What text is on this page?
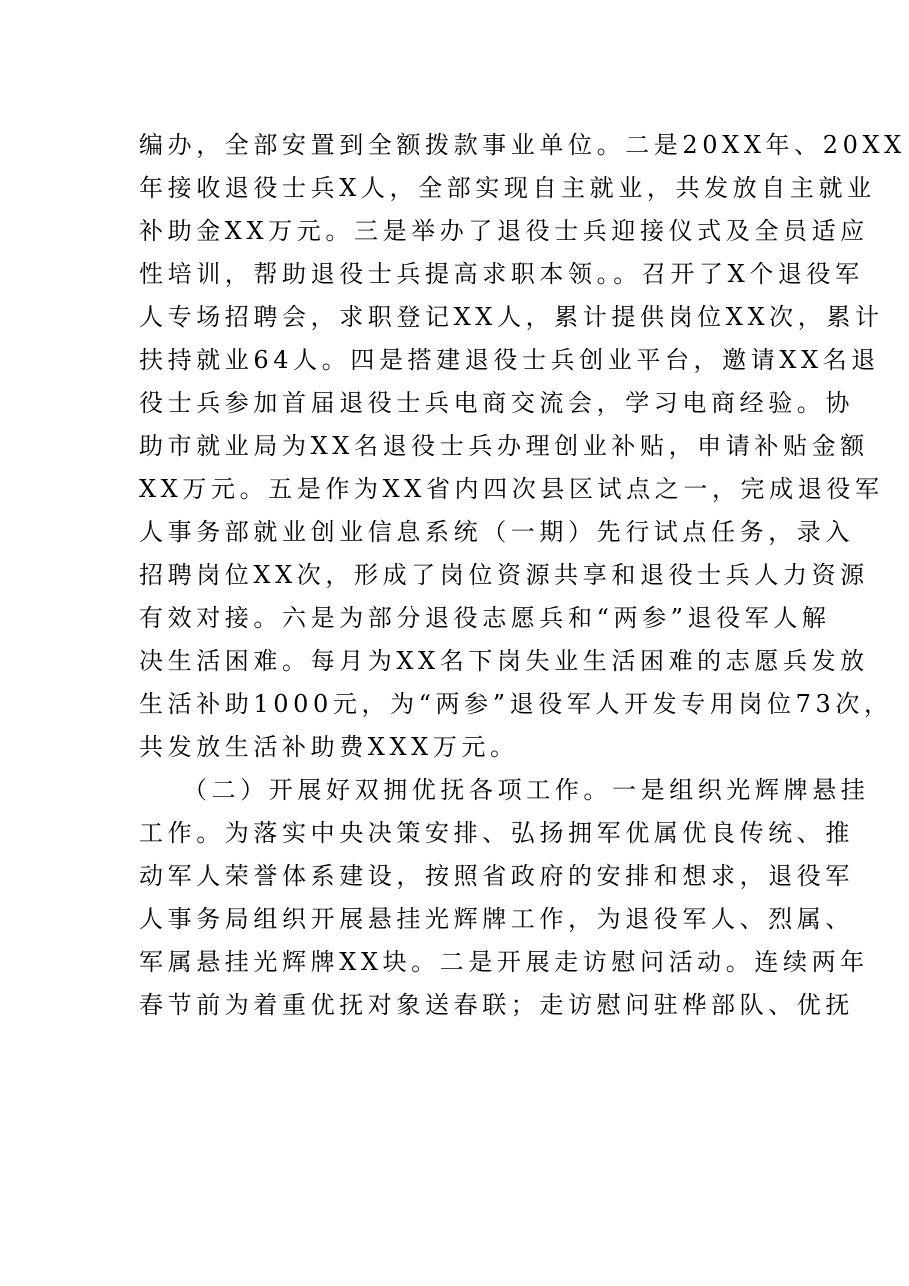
编办，全部安置到全额拨款事业单位。二是20XX年、20XX
年接收退役士兵X人，全部实现自主就业，共发放自主就业
补助金XX万元。三是举办了退役士兵迎接仪式及全员适应
性培训，帮助退役士兵提高求职本领。。召开了X个退役军
人专场招聘会，求职登记XX人，累计提供岗位XX次，累计
扶持就业64人。四是搭建退役士兵创业平台，邀请XX名退
役士兵参加首届退役士兵电商交流会，学习电商经验。协
助市就业局为XX名退役士兵办理创业补贴，申请补贴金额
XX万元。五是作为XX省内四次县区试点之一，完成退役军
人事务部就业创业信息系统（一期）先行试点任务，录入
招聘岗位XX次，形成了岗位资源共享和退役士兵人力资源
有效对接。六是为部分退役志愿兵和“两参”退役军人解
决生活困难。每月为XX名下岗失业生活困难的志愿兵发放
生活补助1000元，为“两参”退役军人开发专用岗位73次，
共发放生活补助费XXX万元。
（二）开展好双拥优抚各项工作。一是组织光辉牌悬挂
工作。为落实中央决策安排、弘扬拥军优属优良传统、推
动军人荣誉体系建设，按照省政府的安排和想求，退役军
人事务局组织开展悬挂光辉牌工作，为退役军人、烈属、
军属悬挂光辉牌XX块。二是开展走访慰问活动。连续两年
春节前为着重优抚对象送春联；走访慰问驻桦部队、优抚
